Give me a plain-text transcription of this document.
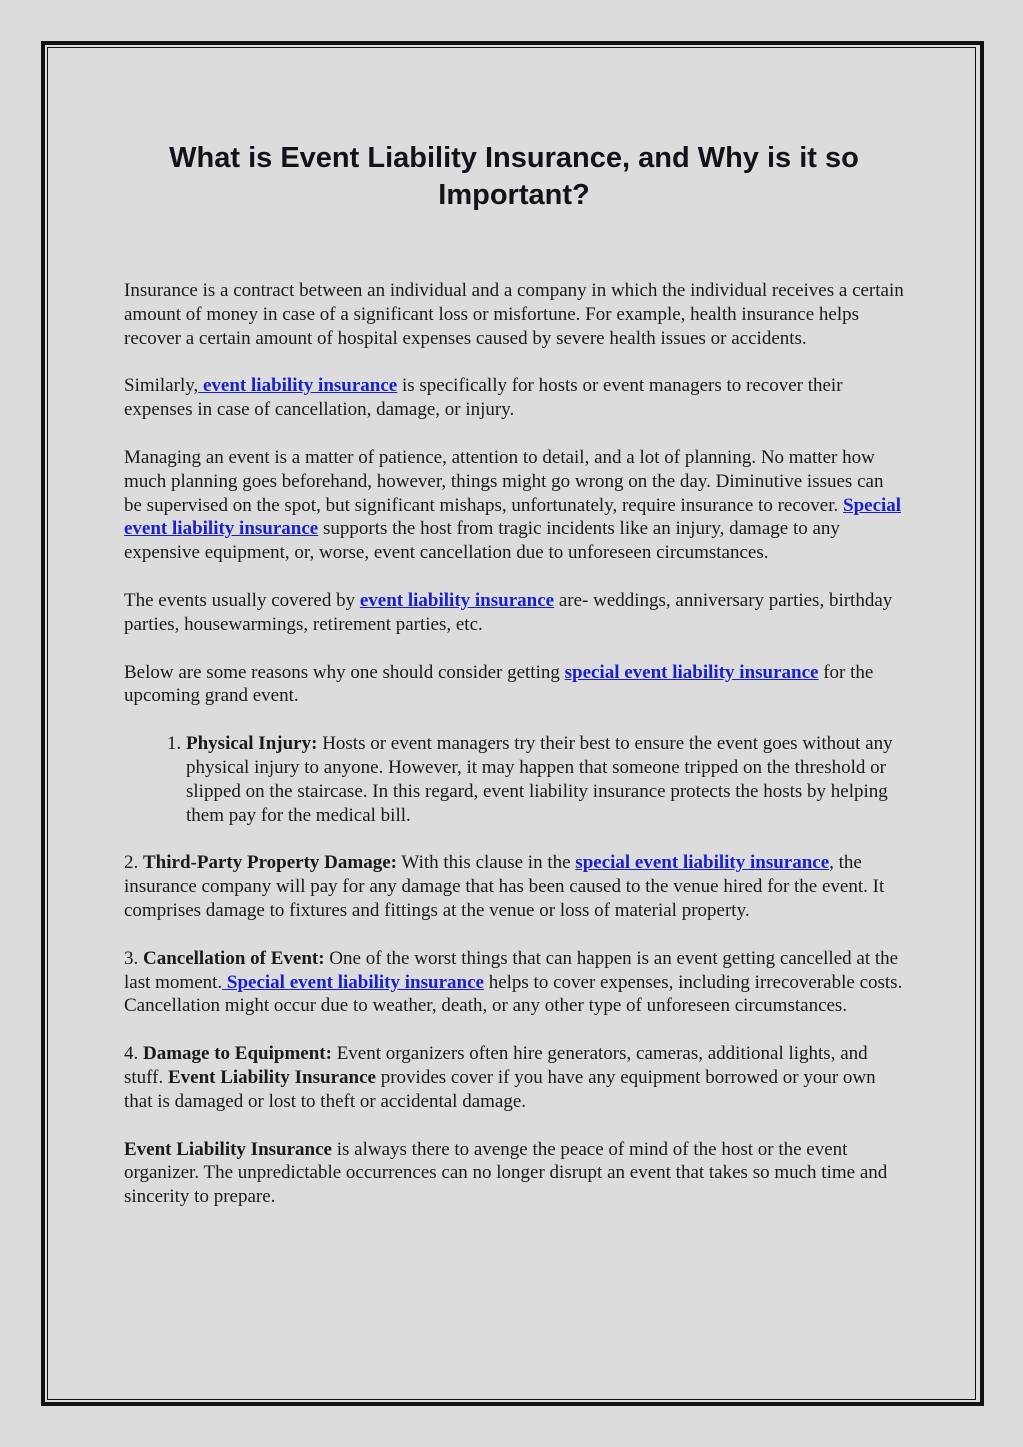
What is Event Liability Insurance, and Why is it so Important?

Insurance is a contract between an individual and a company in which the individual receives a certain amount of money in case of a significant loss or misfortune. For example, health insurance helps recover a certain amount of hospital expenses caused by severe health issues or accidents.

Similarly, event liability insurance is specifically for hosts or event managers to recover their expenses in case of cancellation, damage, or injury.

Managing an event is a matter of patience, attention to detail, and a lot of planning. No matter how much planning goes beforehand, however, things might go wrong on the day. Diminutive issues can be supervised on the spot, but significant mishaps, unfortunately, require insurance to recover. Special event liability insurance supports the host from tragic incidents like an injury, damage to any expensive equipment, or, worse, event cancellation due to unforeseen circumstances.

The events usually covered by event liability insurance are- weddings, anniversary parties, birthday parties, housewarmings, retirement parties, etc.

Below are some reasons why one should consider getting special event liability insurance for the upcoming grand event.

1. Physical Injury: Hosts or event managers try their best to ensure the event goes without any physical injury to anyone. However, it may happen that someone tripped on the threshold or slipped on the staircase. In this regard, event liability insurance protects the hosts by helping them pay for the medical bill.

2. Third-Party Property Damage: With this clause in the special event liability insurance, the insurance company will pay for any damage that has been caused to the venue hired for the event. It comprises damage to fixtures and fittings at the venue or loss of material property.

3. Cancellation of Event: One of the worst things that can happen is an event getting cancelled at the last moment. Special event liability insurance helps to cover expenses, including irrecoverable costs. Cancellation might occur due to weather, death, or any other type of unforeseen circumstances.

4. Damage to Equipment: Event organizers often hire generators, cameras, additional lights, and stuff. Event Liability Insurance provides cover if you have any equipment borrowed or your own that is damaged or lost to theft or accidental damage.

Event Liability Insurance is always there to avenge the peace of mind of the host or the event organizer. The unpredictable occurrences can no longer disrupt an event that takes so much time and sincerity to prepare.
